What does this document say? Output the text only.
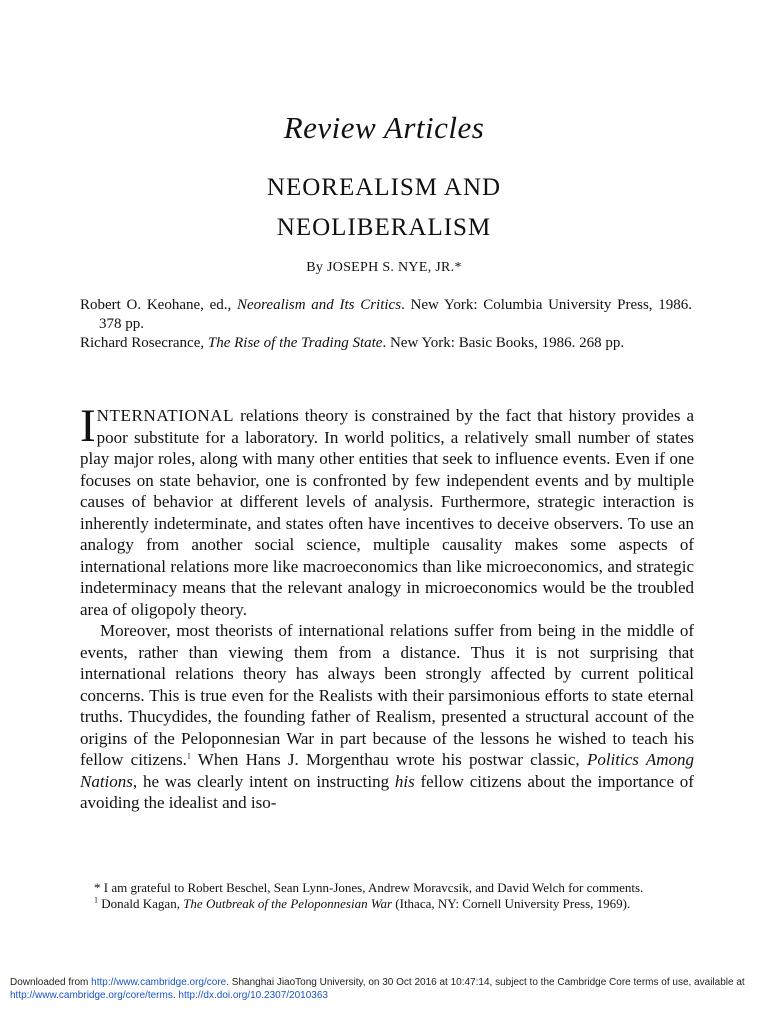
Review Articles
NEOREALISM AND
NEOLIBERALISM
By JOSEPH S. NYE, JR.*

Robert O. Keohane, ed., Neorealism and Its Critics. New York: Columbia University Press, 1986. 378 pp.

Richard Rosecrance, The Rise of the Trading State. New York: Basic Books, 1986. 268 pp.

INTERNATIONAL relations theory is constrained by the fact that history provides a poor substitute for a laboratory. In world politics, a relatively small number of states play major roles, along with many other entities that seek to influence events. Even if one focuses on state behavior, one is confronted by few independent events and by multiple causes of behavior at different levels of analysis. Furthermore, strategic interaction is inherently indeterminate, and states often have incentives to deceive observers. To use an analogy from another social science, multiple causality makes some aspects of international relations more like macroeconomics than like microeconomics, and strategic indeterminacy means that the relevant analogy in microeconomics would be the troubled area of oligopoly theory.

Moreover, most theorists of international relations suffer from being in the middle of events, rather than viewing them from a distance. Thus it is not surprising that international relations theory has always been strongly affected by current political concerns. This is true even for the Realists with their parsimonious efforts to state eternal truths. Thucydides, the founding father of Realism, presented a structural account of the origins of the Peloponnesian War in part because of the lessons he wished to teach his fellow citizens.$^1$ When Hans J. Morgenthau wrote his postwar classic, Politics Among Nations, he was clearly intent on instructing his fellow citizens about the importance of avoiding the idealist and iso-

* I am grateful to Robert Beschel, Sean Lynn-Jones, Andrew Moravcsik, and David Welch for comments.

$^1$ Donald Kagan, The Outbreak of the Peloponnesian War (Ithaca, NY: Cornell University Press, 1969).

Downloaded from http://www.cambridge.org/core. Shanghai JiaoTong University, on 30 Oct 2016 at 10:47:14, subject to the Cambridge Core terms of use, available at http://www.cambridge.org/core/terms. http://dx.doi.org/10.2307/2010363
